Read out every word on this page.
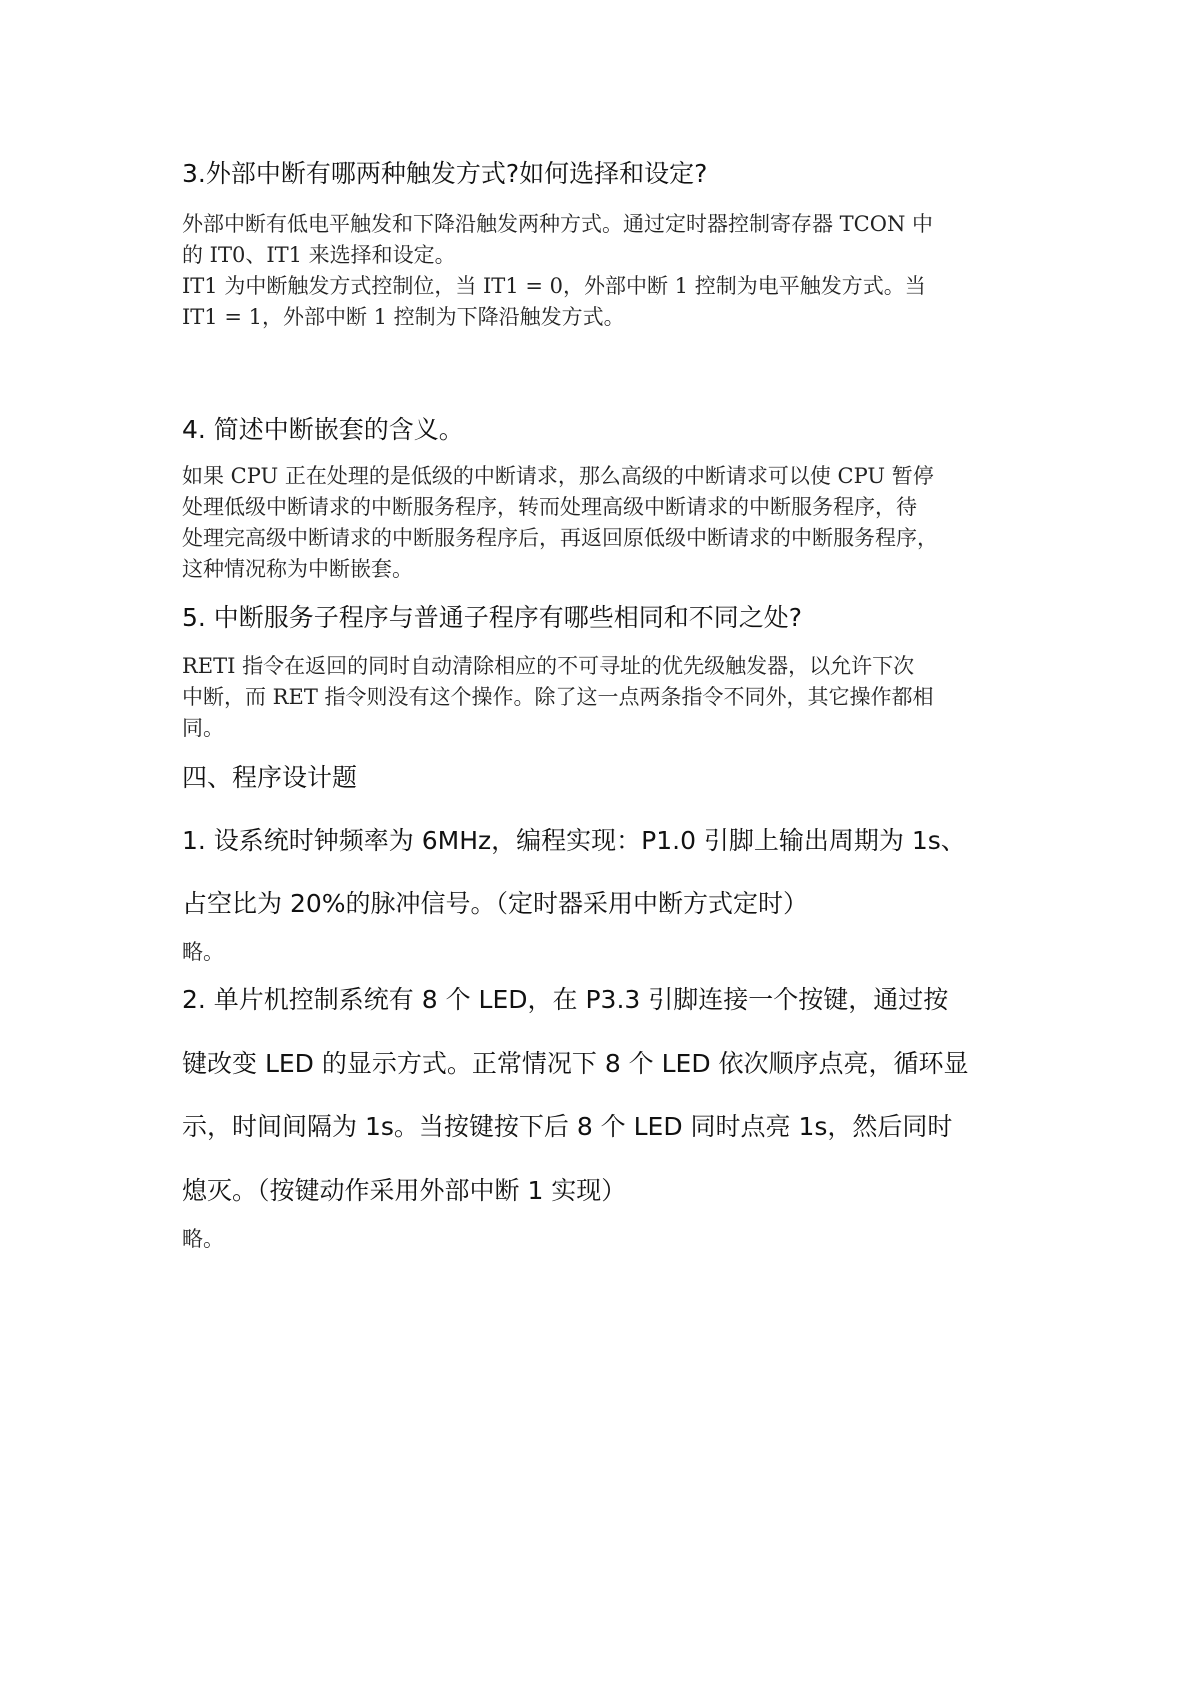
3.外部中断有哪两种触发方式?如何选择和设定?

外部中断有低电平触发和下降沿触发两种方式。通过定时器控制寄存器 TCON 中

的 IT0、IT1 来选择和设定。

IT1 为中断触发方式控制位，当 IT1 = 0，外部中断 1 控制为电平触发方式。当

IT1 = 1，外部中断 1 控制为下降沿触发方式。

4. 简述中断嵌套的含义。

如果 CPU 正在处理的是低级的中断请求，那么高级的中断请求可以使 CPU 暂停

处理低级中断请求的中断服务程序，转而处理高级中断请求的中断服务程序，待

处理完高级中断请求的中断服务程序后，再返回原低级中断请求的中断服务程序，

这种情况称为中断嵌套。

5. 中断服务子程序与普通子程序有哪些相同和不同之处?

RETI 指令在返回的同时自动清除相应的不可寻址的优先级触发器，以允许下次

中断，而 RET 指令则没有这个操作。除了这一点两条指令不同外，其它操作都相

同。

四、程序设计题

1. 设系统时钟频率为 6MHz，编程实现：P1.0 引脚上输出周期为 1s、

占空比为 20%的脉冲信号。（定时器采用中断方式定时）

略。

2. 单片机控制系统有 8 个 LED，在 P3.3 引脚连接一个按键，通过按

键改变 LED 的显示方式。正常情况下 8 个 LED 依次顺序点亮，循环显

示，时间间隔为 1s。当按键按下后 8 个 LED 同时点亮 1s，然后同时

熄灭。（按键动作采用外部中断 1 实现）

略。
